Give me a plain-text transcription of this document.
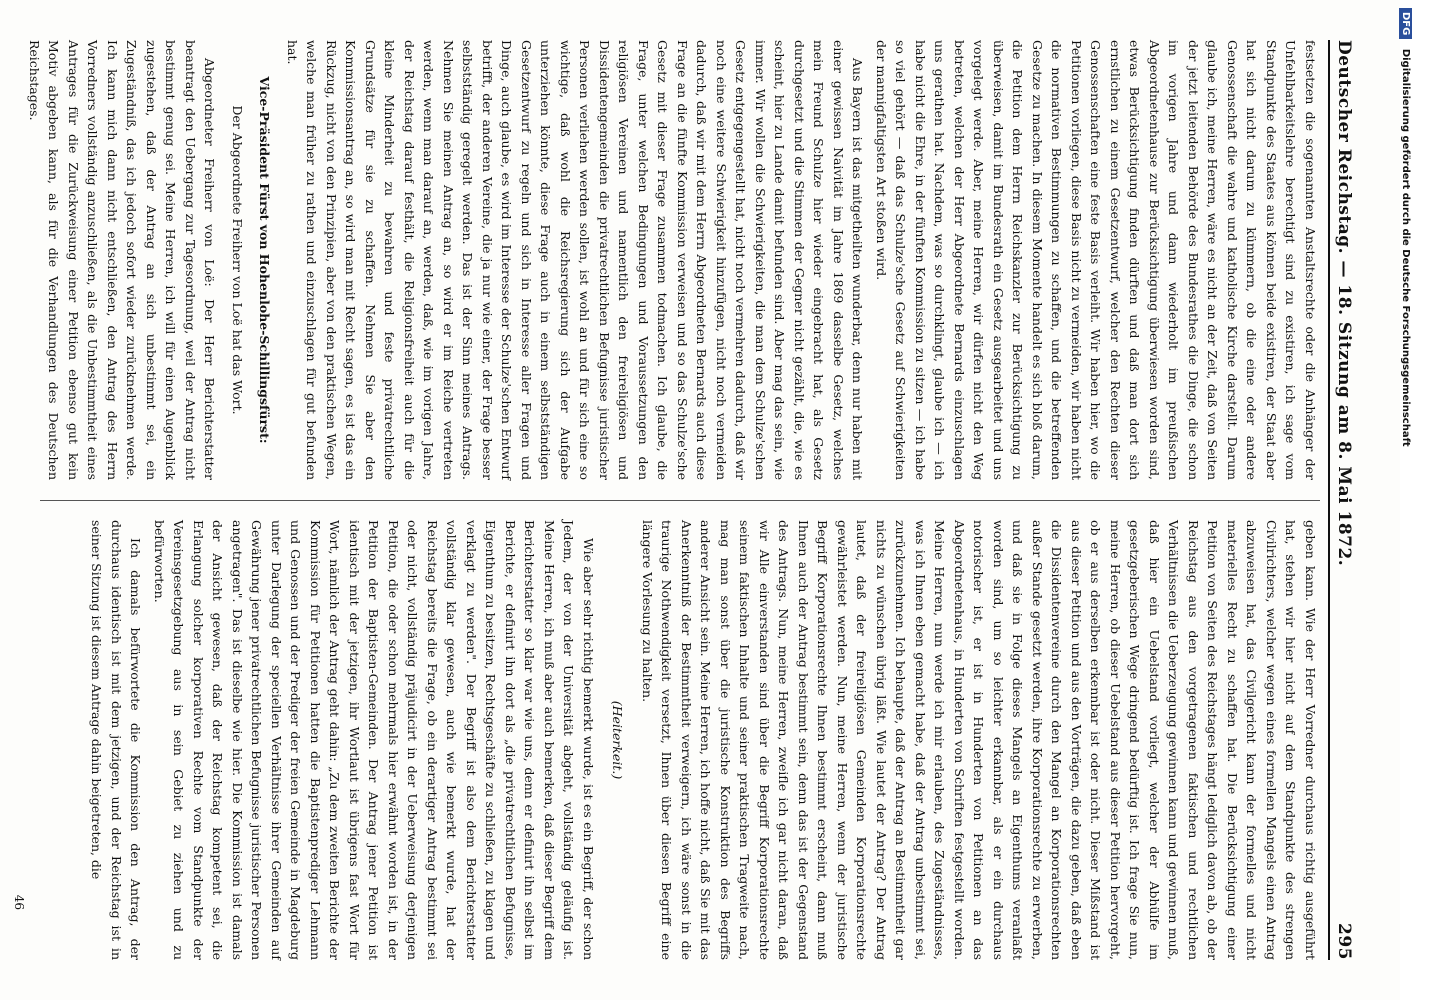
Deutscher Reichstag. — 18. Sitzung am 8. Mai 1872.
295

festsetzen die sogenannten Anstaltsrechte oder die Anhänger der Unfehlbarkeitslehre berechtigt sind zu existiren, ich sage vom Standpunkte des Staates aus können beide existiren, der Staat aber hat sich nicht darum zu kümmern, ob die eine oder andere Genossenschaft die wahre und katholische Kirche darstellt. Darum glaube ich, meine Herren, wäre es nicht an der Zeit, daß von Seiten der jetzt leitenden Behörde des Bundesrathes die Dinge, die schon im vorigen Jahre und dann wiederholt im preußischen Abgeordnetenhause zur Berücksichtigung überwiesen worden sind, etwas Berücksichtigung finden dürften und daß man dort sich ernstlichen zu einem Gesetzentwurf, welcher den Rechten dieser Genossenschaften eine feste Basis verleiht. Wir haben hier, wo die Petitionen vorliegen, diese Basis nicht zu vermeiden, wir haben nicht die normativen Bestimmungen zu schaffen, und die betreffenden Gesetze zu machen. In diesem Momente handelt es sich bloß darum, die Petition dem Herrn Reichskanzler zur Berücksichtigung zu überweisen, damit im Bundesrath ein Gesetz ausgearbeitet und uns vorgelegt werde. Aber, meine Herren, wir dürfen nicht den Weg betreten, welchen der Herr Abgeordnete Bernards einzuschlagen uns gerathen hat. Nachdem, was so durchklingt, glaube ich — ich habe nicht die Ehre, in der fünften Kommission zu sitzen — ich habe so viel gehört — daß das Schulze'sche Gesetz auf Schwierigkeiten der mannigfaltigsten Art stoßen wird.

Aus Bayern ist das mitgetheilten wunderbar, denn nur haben mit einer gewissen Naivität im Jahre 1869 dasselbe Gesetz, welches mein Freund Schulze hier wieder eingebracht hat, als Gesetz durchgesetzt und die Stimmen der Gegner nicht gezählt, die, wie es scheint, hier zu Lande damit befunden sind. Aber mag das sein, wie immer. Wir wollen die Schwierigkeiten, die man dem Schulze'schen Gesetz entgegengestellt hat, nicht noch vermehren dadurch, daß wir noch eine weitere Schwierigkeit hinzufügen, nicht noch vermeiden dadurch, daß wir mit dem Herrn Abgeordneten Bernards auch diese Frage an die fünfte Kommission verweisen und so das Schulze'sche Gesetz mit dieser Frage zusammen todmachen. Ich glaube, die Frage, unter welchen Bedingungen und Voraussetzungen den religiösen Vereinen und namentlich den freireligiösen und Dissidentengemeinden die privatrechtlichen Befugnisse juristischer Personen verliehen werden sollen, ist wohl an und für sich eine so wichtige, daß wohl die Reichsregierung sich der Aufgabe unterziehen könnte, diese Frage auch in einem selbstständigen Gesetzentwurf zu regeln und sich in Interesse aller Fragen und Dinge, auch glaube, es wird im Interesse der Schulze'schen Entwurf betrifft, der anderen Vereine, die ja nur wie einer, der Frage besser selbstständig geregelt werden. Das ist der Sinn meines Antrags. Nehmen Sie meinen Antrag an, so wird er im Reiche vertreten werden, wenn man darauf an, werden, daß, wie im vorigen Jahre, der Reichstag darauf festhält, die Religionsfreiheit auch für die kleine Minderheit zu bewahren und feste privatrechtliche Grundsätze für sie zu schaffen. Nehmen Sie aber den Kommissionsantrag an, so wird man mit Recht sagen, es ist das ein Rückzug, nicht von den Prinzipien, aber von den praktischen Wegen, welche man früher zu rathen und einzuschlagen für gut befunden hat.

Vice-Präsident Fürst von Hohenlohe-Schillingsfürst:

Der Abgeordnete Freiherr von Loë hat das Wort.

Abgeordneter Freiherr von Loë: Der Herr Berichterstatter beantragt den Uebergang zur Tagesordnung, weil der Antrag nicht bestimmt genug sei. Meine Herren, ich will für einen Augenblick zugestehen, daß der Antrag an sich unbestimmt sei, ein Zugeständniß, das ich jedoch sofort wieder zurücknehmen werde. Ich kann mich dann nicht entschließen, den Antrag des Herrn Vorredners vollständig anzuschließen, als die Unbestimmtheit eines Antrages für die Zurückweisung einer Petition ebenso gut kein Motiv abgeben kann, als für die Verhandlungen des Deutschen Reichstages.

geben kann. Wie der Herr Vorredner durchaus richtig ausgeführt hat, stehen wir hier nicht auf dem Standpunkte des strengen Civilrichters, welcher wegen eines formellen Mangels einen Antrag abzuweisen hat, das Civilgericht kann der formelles und nicht materielles Recht zu schaffen hat. Die Berücksichtigung einer Petition von Seiten des Reichstages hängt lediglich davon ab, ob der Reichstag aus den vorgetragenen faktischen und rechtlichen Verhältnissen die Ueberzeugung gewinnen kann und gewinnen muß, daß hier ein Uebelstand vorliegt, welcher der Abhülfe im gesetzgeberischen Wege dringend bedürftig ist. Ich frage Sie nun, meine Herren, ob dieser Uebelstand aus dieser Petition hervorgeht, ob er aus derselben erkennbar ist oder nicht. Dieser Mißstand ist aus dieser Petition und aus den Vorträgen, die dazu geben, daß eben die Dissidentenvereine durch den Mangel an Korporationsrechten außer Stande gesetzt werden, ihre Korporationsrechte zu erwerben, und daß sie in Folge dieses Mangels an Eigenthums veranlaßt worden sind, um so leichter erkannbar, als er ein durchaus notorischer ist, er ist in Hunderten von Petitionen an das Abgeordnetenhaus, in Hunderten von Schriften festgestellt worden. Meine Herren, nun werde ich mir erlauben, des Zugeständnisses, was ich Ihnen eben gemacht habe, daß der Antrag unbestimmt sei, zurückzunehmen. Ich behaupte, daß der Antrag an Bestimmtheit gar nichts zu wünschen übrig läßt. Wie lautet der Antrag? Der Antrag lautet, daß der freireligiösen Gemeinden Korporationsrechte gewährleistet werden. Nun, meine Herren, wenn der juristische Begriff Korporationsrechte Ihnen bestimmt erscheint, dann muß Ihnen auch der Antrag bestimmt sein, denn das ist der Gegenstand des Antrags. Nun, meine Herren, zweifle ich gar nicht daran, daß wir Alle einverstanden sind über die Begriff Korporationsrechte seinem faktischen Inhalte und seiner praktischen Tragweite nach, mag man sonst über die juristische Konstruktion des Begriffs anderer Ansicht sein. Meine Herren, ich hoffe nicht, daß Sie mit das Anerkenntniß der Bestimmtheit verweigern, ich wäre sonst in die traurige Nothwendigkeit versetzt, Ihnen über diesen Begriff eine längere Vorlesung zu halten.

(Heiterkeit.)

Wie aber sehr richtig bemerkt wurde, ist es ein Begriff, der schon Jedem, der von der Universität abgeht, vollständig geläufig ist. Meine Herren, ich muß aber auch bemerken, daß dieser Begriff dem Berichterstatter so klar war wie uns, denn er definirt ihn selbst im Berichte, er definirt ihn dort als „die privatrechtlichen Befugnisse, Eigenthum zu besitzen, Rechtsgeschäfte zu schließen, zu klagen und verklagt zu werden". Der Begriff ist also dem Berichterstatter vollständig klar gewesen, auch wie bemerkt wurde, hat der Reichstag bereits die Frage, ob ein derartiger Antrag bestimmt sei oder nicht, vollständig präjudicirt in der Ueberweisung derjenigen Petition, die oder schon mehrmals hier erwähnt worden ist, in der Petition der Baptisten-Gemeinden. Der Antrag jener Petition ist identisch mit der jetzigen, ihr Wortlaut ist übrigens fast Wort für Wort, nämlich der Antrag geht dahin: „Zu dem zweiten Berichte der Kommission für Petitionen hatten die Baptistenprediger Lehmann und Genossen und der Prediger der freien Gemeinde in Magdeburg unter Darlegung der speciellen Verhältnisse ihrer Gemeinden auf Gewährung jener privatrechtlichen Befugnisse juristischer Personen angetragen". Das ist dieselbe wie hier. Die Kommission ist damals der Ansicht gewesen, daß der Reichstag kompetent sei, die Erlangung solcher korporativen Rechte vom Standpunkte der Vereinsgesetzgebung aus in sein Gebiet zu ziehen und zu befürworten.

Ich damals befürwortete die Kommission den Antrag, der durchaus identisch ist mit dem jetzigen, und der Reichstag ist in seiner Sitzung ist diesem Antrage dahin beigetreten, die

46
DFG Digitalisierung gefördert durch die Deutsche Forschungsgemeinschaft
